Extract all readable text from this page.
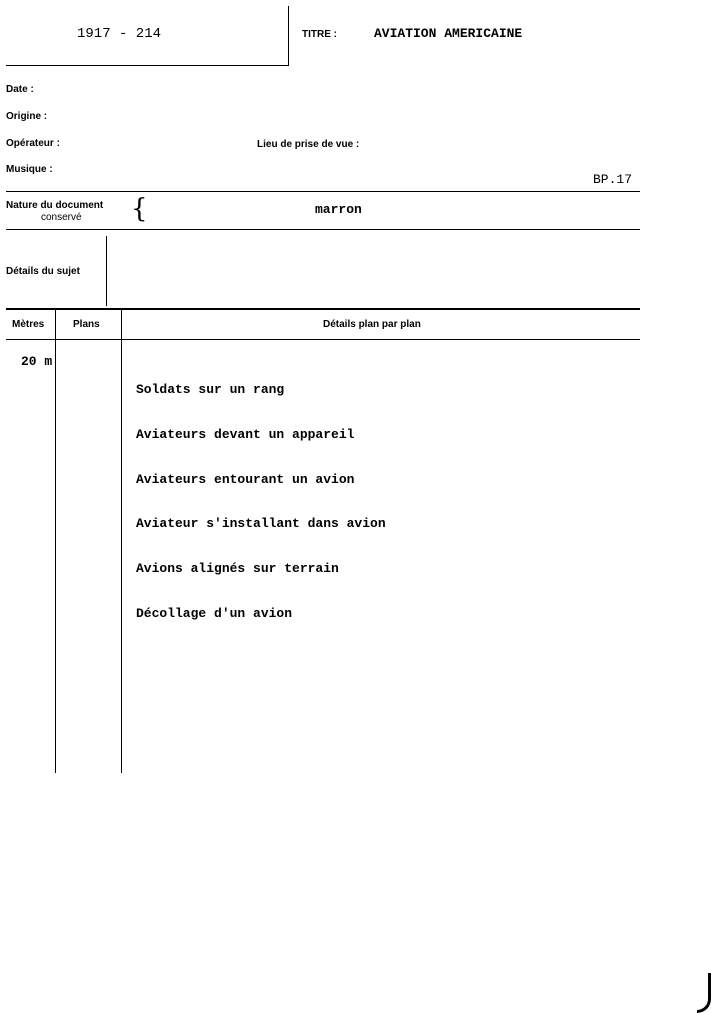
1917 - 214	TITRE :	AVIATION AMERICAINE
Date :
Origine :
Opérateur :	Lieu de prise de vue :
Musique :
BP.17
Nature du document
conservé {	marron
Détails du sujet
Mètres	Plans	Détails plan par plan
20 m

Soldats sur un rang

Aviateurs devant un appareil

Aviateurs entourant un avion

Aviateur s'installant dans avion

Avions alignés sur terrain

Décollage d'un avion
